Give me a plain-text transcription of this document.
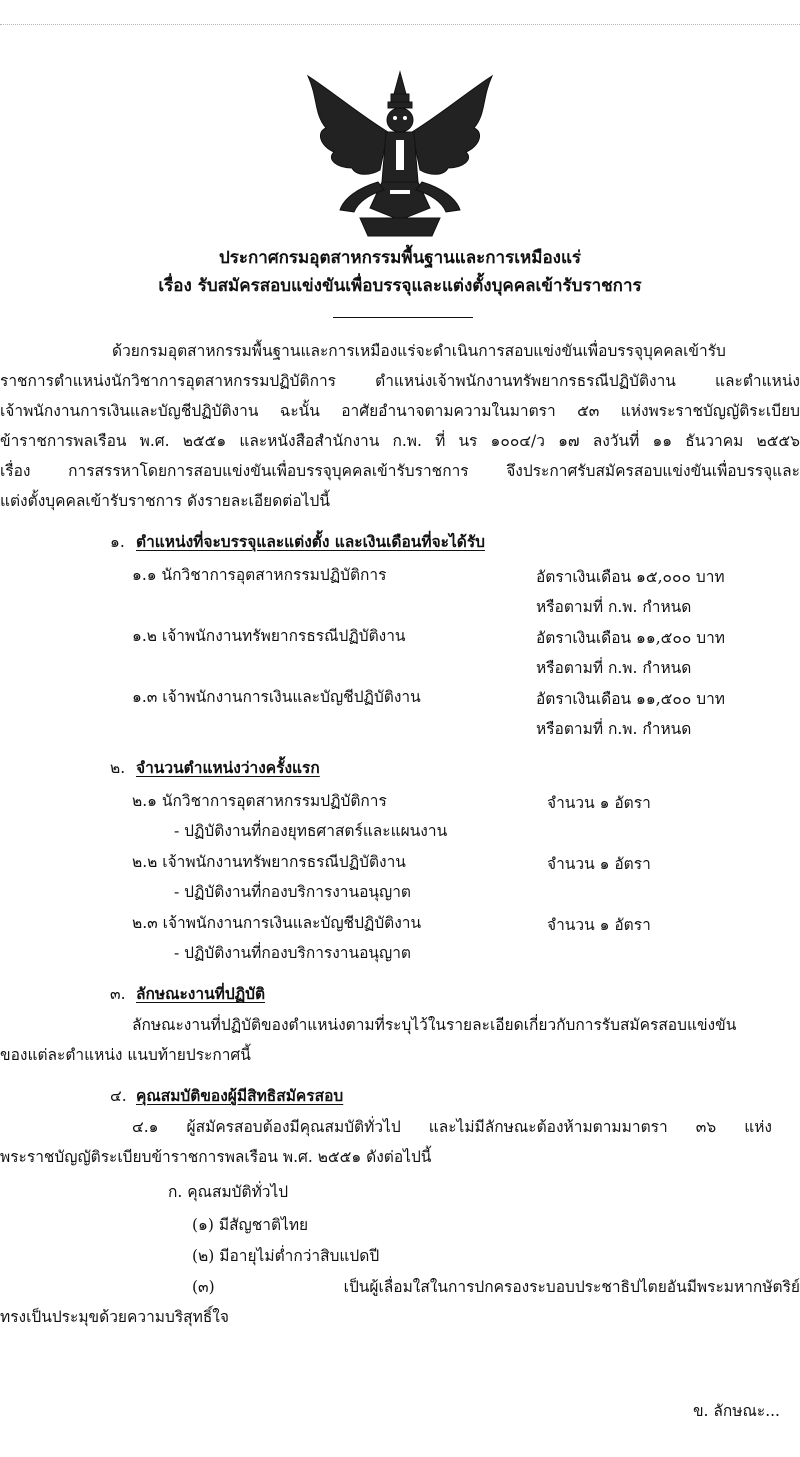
ประกาศกรมอุตสาหกรรมพื้นฐานและการเหมืองแร่
เรื่อง รับสมัครสอบแข่งขันเพื่อบรรจุและแต่งตั้งบุคคลเข้ารับราชการ
ด้วยกรมอุตสาหกรรมพื้นฐานและการเหมืองแร่จะดำเนินการสอบแข่งขันเพื่อบรรจุบุคคลเข้ารับ
ราชการตำแหน่งนักวิชาการอุตสาหกรรมปฏิบัติการ ตำแหน่งเจ้าพนักงานทรัพยากรธรณีปฏิบัติงาน และตำแหน่ง
เจ้าพนักงานการเงินและบัญชีปฏิบัติงาน ฉะนั้น อาศัยอำนาจตามความในมาตรา ๕๓ แห่งพระราชบัญญัติระเบียบ
ข้าราชการพลเรือน พ.ศ. ๒๕๕๑ และหนังสือสำนักงาน ก.พ. ที่ นร ๑๐๐๔/ว ๑๗ ลงวันที่ ๑๑ ธันวาคม ๒๕๕๖
เรื่อง การสรรหาโดยการสอบแข่งขันเพื่อบรรจุบุคคลเข้ารับราชการ จึงประกาศรับสมัครสอบแข่งขันเพื่อบรรจุและ
แต่งตั้งบุคคลเข้ารับราชการ ดังรายละเอียดต่อไปนี้
๑. ตำแหน่งที่จะบรรจุและแต่งตั้ง และเงินเดือนที่จะได้รับ
๑.๑ นักวิชาการอุตสาหกรรมปฏิบัติการ	อัตราเงินเดือน ๑๕,๐๐๐ บาท
หรือตามที่ ก.พ. กำหนด
๑.๒ เจ้าพนักงานทรัพยากรธรณีปฏิบัติงาน	อัตราเงินเดือน ๑๑,๕๐๐ บาท
หรือตามที่ ก.พ. กำหนด
๑.๓ เจ้าพนักงานการเงินและบัญชีปฏิบัติงาน	อัตราเงินเดือน ๑๑,๕๐๐ บาท
หรือตามที่ ก.พ. กำหนด
๒. จำนวนตำแหน่งว่างครั้งแรก
๒.๑ นักวิชาการอุตสาหกรรมปฏิบัติการ	จำนวน ๑ อัตรา
- ปฏิบัติงานที่กองยุทธศาสตร์และแผนงาน
๒.๒ เจ้าพนักงานทรัพยากรธรณีปฏิบัติงาน	จำนวน ๑ อัตรา
- ปฏิบัติงานที่กองบริการงานอนุญาต
๒.๓ เจ้าพนักงานการเงินและบัญชีปฏิบัติงาน	จำนวน ๑ อัตรา
- ปฏิบัติงานที่กองบริการงานอนุญาต
๓. ลักษณะงานที่ปฏิบัติ
ลักษณะงานที่ปฏิบัติของตำแหน่งตามที่ระบุไว้ในรายละเอียดเกี่ยวกับการรับสมัครสอบแข่งขัน
ของแต่ละตำแหน่ง แนบท้ายประกาศนี้
๔. คุณสมบัติของผู้มีสิทธิสมัครสอบ
๔.๑ ผู้สมัครสอบต้องมีคุณสมบัติทั่วไป และไม่มีลักษณะต้องห้ามตามมาตรา ๓๖ แห่ง
พระราชบัญญัติระเบียบข้าราชการพลเรือน พ.ศ. ๒๕๕๑ ดังต่อไปนี้
ก. คุณสมบัติทั่วไป
(๑) มีสัญชาติไทย
(๒) มีอายุไม่ต่ำกว่าสิบแปดปี
(๓) เป็นผู้เลื่อมใสในการปกครองระบอบประชาธิปไตยอันมีพระมหากษัตริย์
ทรงเป็นประมุขด้วยความบริสุทธิ์ใจ
ข. ลักษณะ...
